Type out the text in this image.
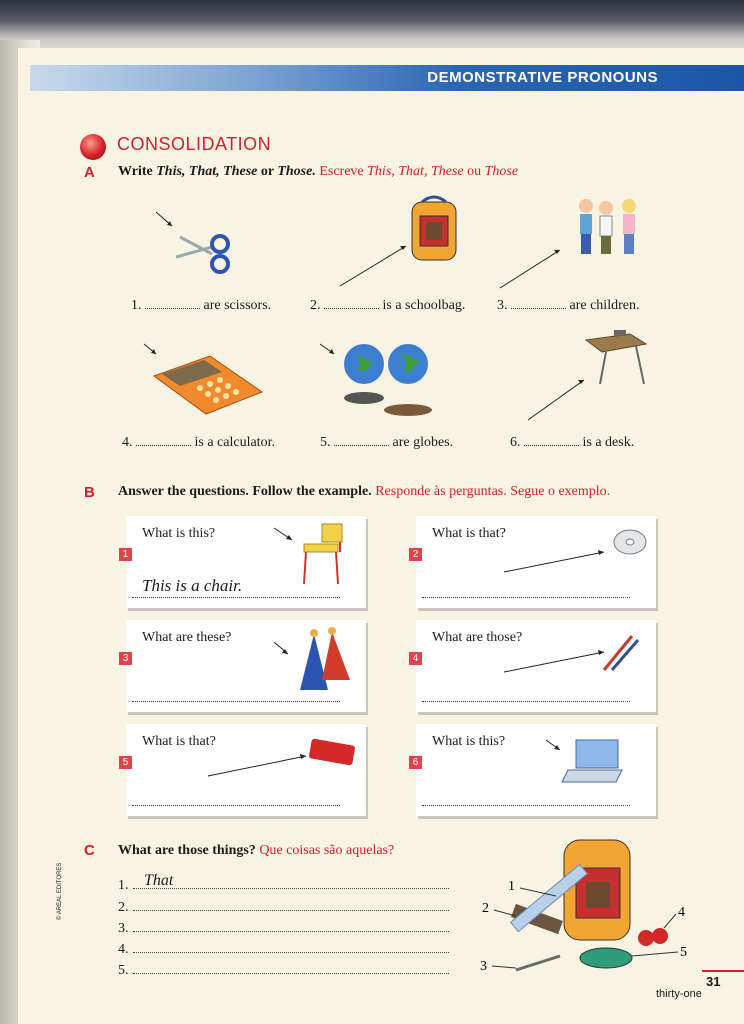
DEMONSTRATIVE PRONOUNS
CONSOLIDATION
A Write This, That, These or Those. Escreve This, That, These ou Those
1.	are scissors.	2.	is a schoolbag. 3.	are children.
4.	is a calculator.	5.	are globes.	6.	is a desk.
B Answer the questions. Follow the example. Responde às perguntas. Segue o exemplo.
What is this?
1
This is a chair.
What is that?
2
What are these?
3
What are those?
4
What is that?
5
What is this?
6
C What are those things? Que coisas são aquelas?
1. That
2.
3.
4.
5.
1
2
3
4
5
© AREAL EDITORES
thirty-one
31
